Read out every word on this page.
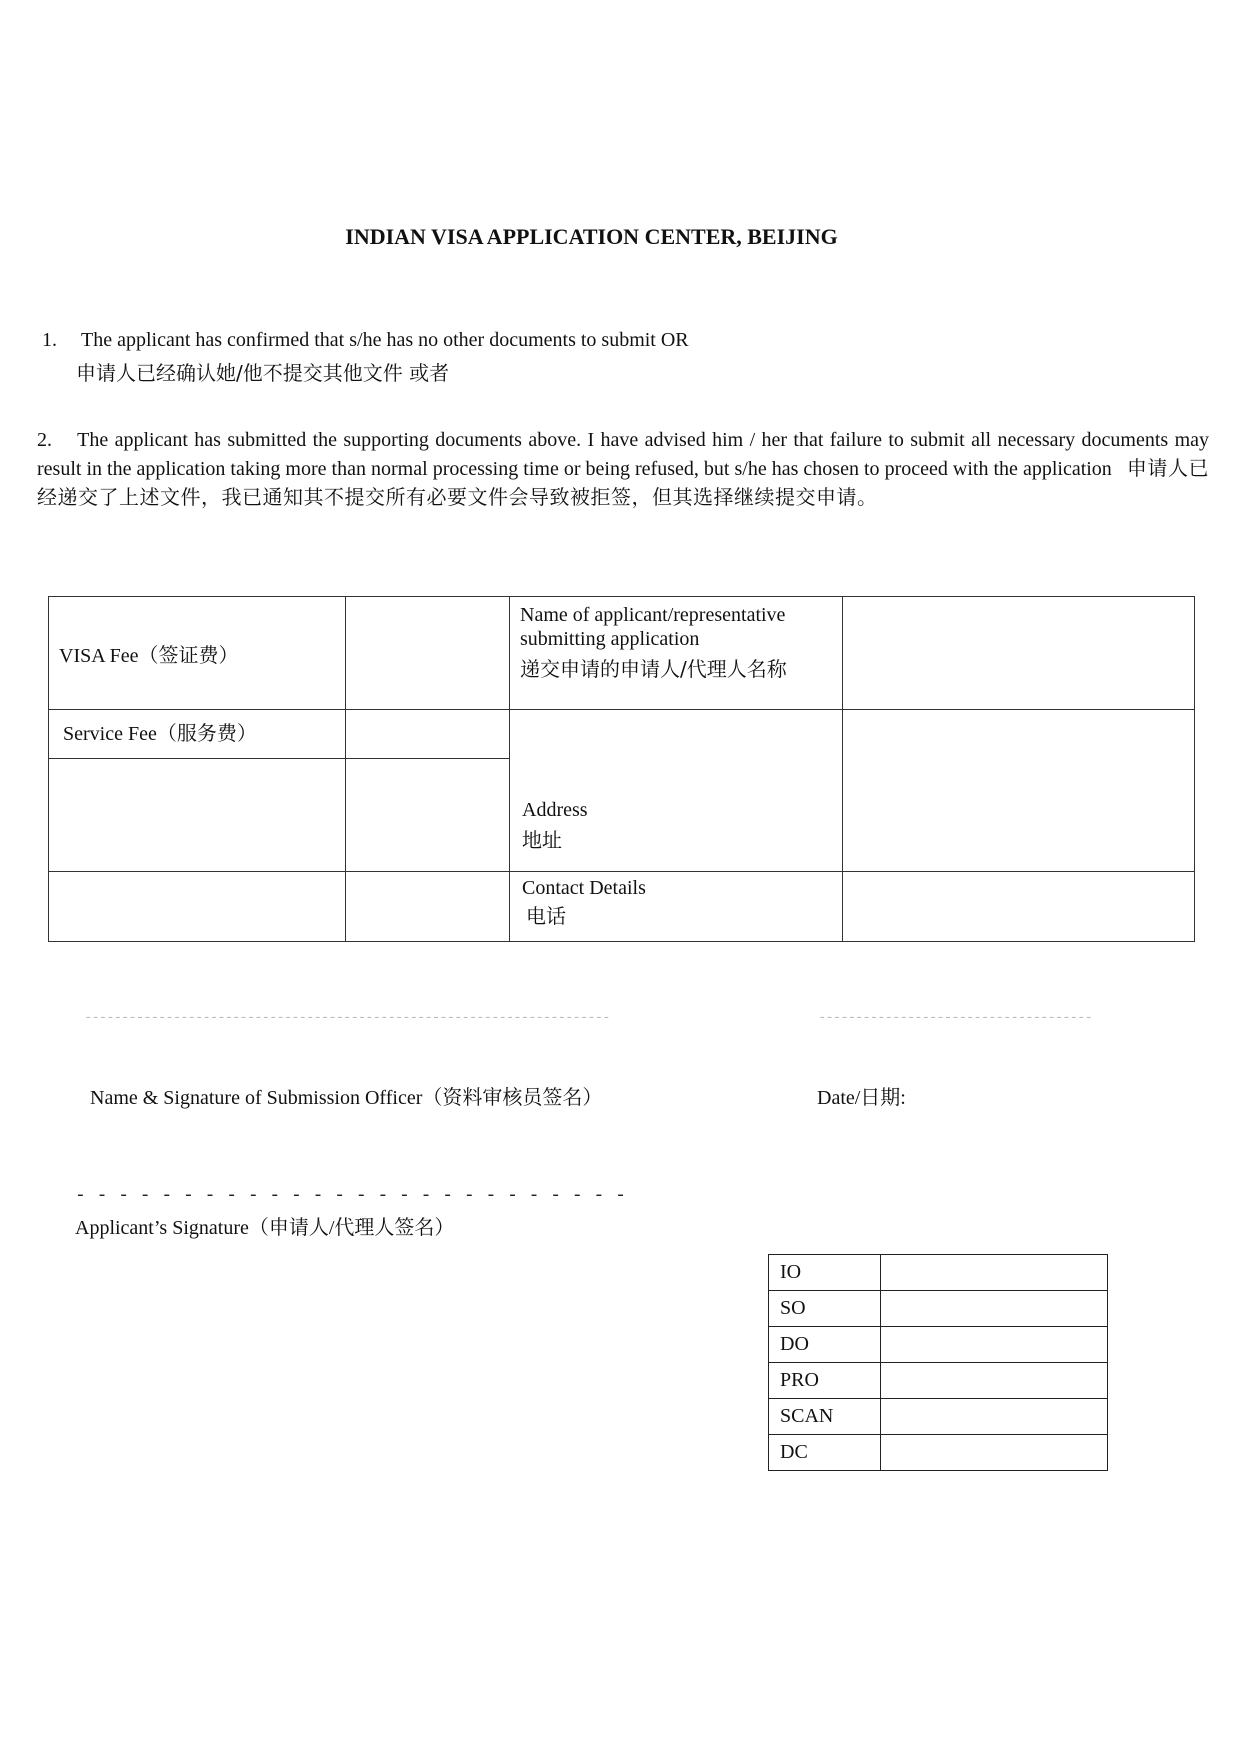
INDIAN VISA APPLICATION CENTER, BEIJING
1. The applicant has confirmed that s/he has no other documents to submit OR
申请人已经确认她/他不提交其他文件 或者
2. The applicant has submitted the supporting documents above. I have advised him / her that failure to submit all necessary documents may result in the application taking more than normal processing time or being refused, but s/he has chosen to proceed with the application 申请人已经递交了上述文件，我已通知其不提交所有必要文件会导致被拒签，但其选择继续提交申请。
VISA Fee（签证费）		Name of applicant/representative submitting application
递交申请的申请人/代理人名称	

Service Fee（服务费）		Address
地址	

		Contact Details
电话	

-----------------------------------------------------------------------	-------------------------------------
Name & Signature of Submission Officer（资料审核员签名）	Date/日期:
- - - - - - - - - - - - - - - - - - - - - - - - - -
Applicant’s Signature（申请人/代理人签名）
IO	
SO	
DO	
PRO	
SCAN	
DC	
